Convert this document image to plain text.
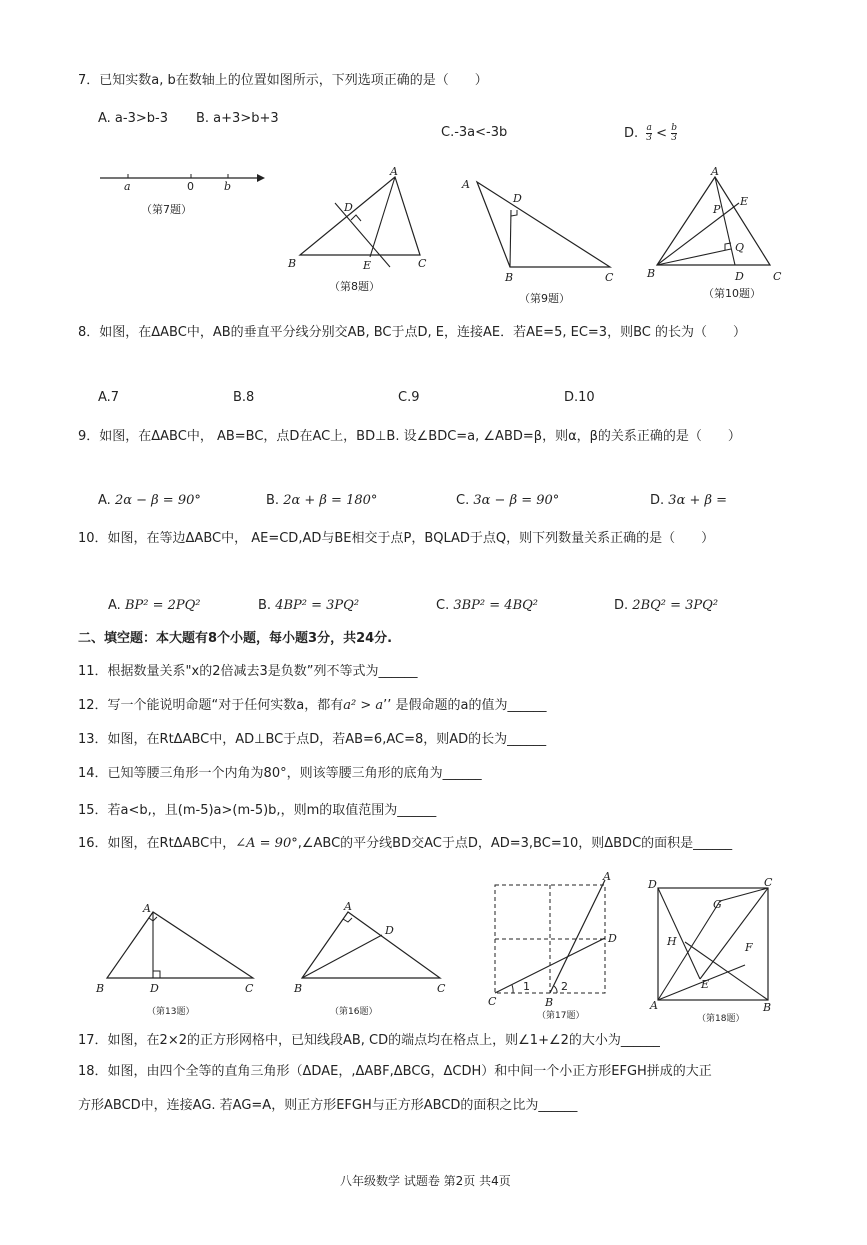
7．已知实数a, b在数轴上的位置如图所示，下列选项正确的是（　　）
A. a-3>b-3 B. a+3>b+3
C.-3a<-3b	D. $\frac{a}{3} < \frac{b}{3}$
a	0	b
（第7题）
A
B	C
D
E
（第8题）
A
B	C
D
（第9题）
A
B	C
D
E
P
Q
（第10题）
8．如图，在ΔABC中，AB的垂直平分线分别交AB, BC于点D, E，连接AE．若AE=5, EC=3，则BC 的长为（　　）
A.7	B.8	C.9	D.10
9．如图，在ΔABC中， AB=BC，点D在AC上，BD⊥B. 设∠BDC=a, ∠ABD=β，则α，β的关系正确的是（　　）
A. 2α − β = 90°	B. 2α + β = 180°	C. 3α − β = 90°	D. 3α + β =
10．如图，在等边ΔABC中， AE=CD,AD与BE相交于点P，BQLAD于点Q，则下列数量关系正确的是（　　）
A. BP² = 2PQ²	B. 4BP² = 3PQ²	C. 3BP² = 4BQ²	D. 2BQ² = 3PQ²
二、填空题：本大题有8个小题，每小题3分，共24分.
11．根据数量关系"x的2倍减去3是负数”列不等式为______
12．写一个能说明命题“对于任何实数a，都有a² > a’’ 是假命题的a的值为______
13．如图，在RtΔABC中，AD⊥BC于点D，若AB=6,AC=8，则AD的长为______
14．已知等腰三角形一个内角为80°，则该等腰三角形的底角为______
15．若a<b,，且(m-5)a>(m-5)b,，则m的取值范围为______
16．如图，在RtΔABC中，∠A = 90°,∠ABC的平分线BD交AC于点D，AD=3,BC=10，则ΔBDC的面积是______
A
B	C
D
（第13题）
A
B	C
D
（第16题）
A
B
C
D
1	2
（第17题）
D	C
A	B
G
H	F
E
（第18题）
17．如图，在2×2的正方形网格中，已知线段AB, CD的端点均在格点上，则∠1+∠2的大小为______
18．如图，由四个全等的直角三角形（ΔDAE，,ΔABF,ΔBCG，ΔCDH）和中间一个小正方形EFGH拼成的大正
方形ABCD中，连接AG. 若AG=A，则正方形EFGH与正方形ABCD的面积之比为______
八年级数学 试题卷 第2页 共4页
